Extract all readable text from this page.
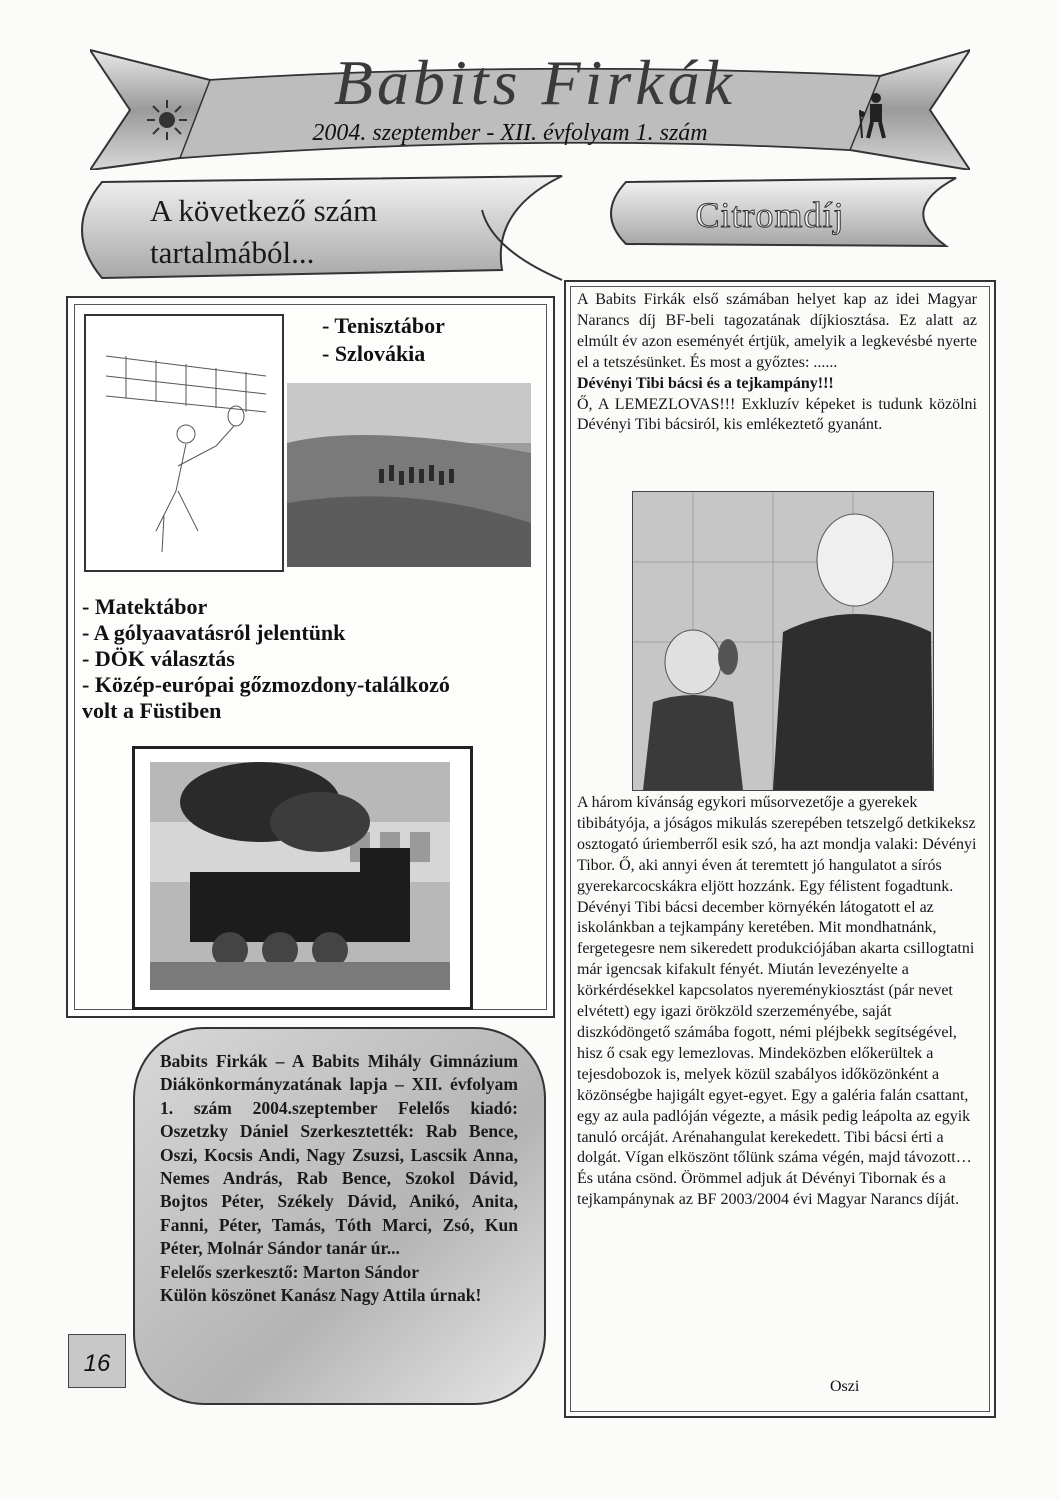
Babits Firkák
2004. szeptember - XII. évfolyam 1. szám
A következő szám tartalmából...
Citromdíj
- Tenisztábor
- Szlovákia
- Matektábor
- A gólyaavatásról jelentünk
- DÖK választás
- Közép-európai gőzmozdony-találkozó
volt a Füstiben
Babits Firkák – A Babits Mihály Gimnázium Diákönkormányzatának lapja – XII. évfolyam 1. szám 2004.szeptember Felelős kiadó: Oszetzky Dániel Szerkesztették: Rab Bence, Oszi, Kocsis Andi, Nagy Zsuzsi, Lascsik Anna, Nemes András, Rab Bence, Szokol Dávid, Bojtos Péter, Székely Dávid, Anikó, Anita, Fanni, Péter, Tamás, Tóth Marci, Zsó, Kun Péter, Molnár Sándor tanár úr...
Felelős szerkesztő: Marton Sándor
Külön köszönet Kanász Nagy Attila úrnak!
16
A Babits Firkák első számában helyet kap az idei Magyar Narancs díj BF-beli tagozatának díjkiosztása. Ez alatt az elmúlt év azon eseményét értjük, amelyik a legkevésbé nyerte el a tetszésünket. És most a győztes: ......
Dévényi Tibi bácsi és a tejkampány!!!
Ő, A LEMEZLOVAS!!! Exkluzív képeket is tudunk közölni Dévényi Tibi bácsiról, kis emlékeztető gyanánt.
A három kívánság egykori műsorvezetője a gyerekek tibibátyója, a jóságos mikulás szerepében tetszelgő detkikeksz osztogató úriemberről esik szó, ha azt mondja valaki: Dévényi Tibor. Ő, aki annyi éven át teremtett jó hangulatot a sírós gyerekarcocskákra eljött hozzánk. Egy félistent fogadtunk.
Dévényi Tibi bácsi december környékén látogatott el az iskolánkban a tejkampány keretében. Mit mondhatnánk, fergetegesre nem sikeredett produkciójában akarta csillogtatni már igencsak kifakult fényét. Miután levezényelte a körkérdésekkel kapcsolatos nyereménykiosztást (pár nevet elvétett) egy igazi örökzöld szerzeményébe, saját diszkódöngető számába fogott, némi pléjbekk segítségével, hisz ő csak egy lemezlovas. Mindeközben előkerültek a tejesdobozok is, melyek közül szabályos időközönként a közönségbe hajigált egyet-egyet. Egy a galéria falán csattant, egy az aula padlóján végezte, a másik pedig leápolta az egyik tanuló orcáját. Arénahangulat kerekedett. Tibi bácsi érti a dolgát. Vígan elköszönt tőlünk száma végén, majd távozott… És utána csönd. Örömmel adjuk át Dévényi Tibornak és a tejkampánynak az BF 2003/2004 évi Magyar Narancs díját.
Oszi
